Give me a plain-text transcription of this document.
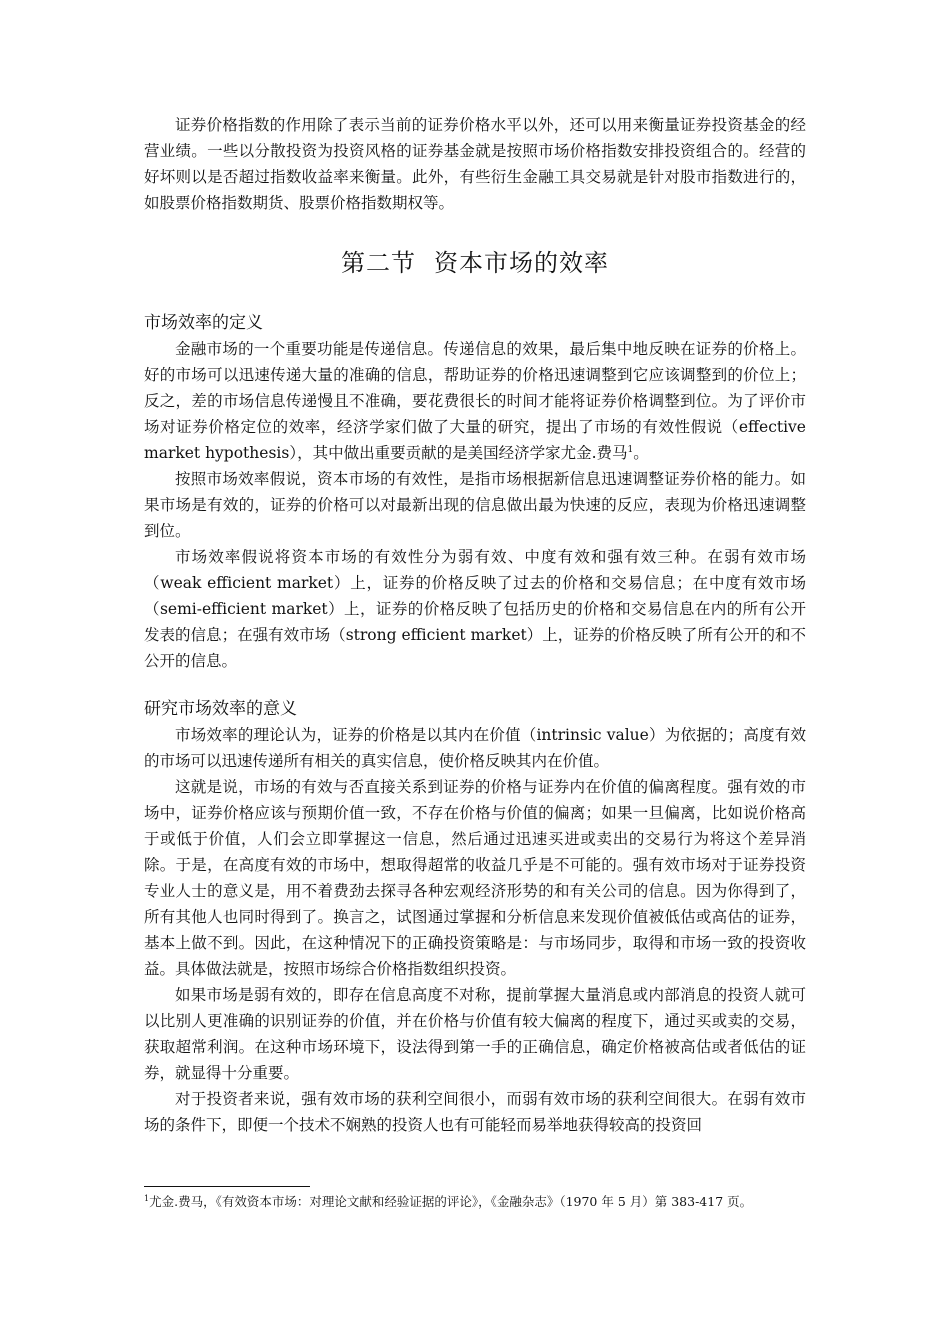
证券价格指数的作用除了表示当前的证券价格水平以外，还可以用来衡量证券投资基金的经营业绩。一些以分散投资为投资风格的证券基金就是按照市场价格指数安排投资组合的。经营的好坏则以是否超过指数收益率来衡量。此外，有些衍生金融工具交易就是针对股市指数进行的，如股票价格指数期货、股票价格指数期权等。

第二节 资本市场的效率
市场效率的定义

金融市场的一个重要功能是传递信息。传递信息的效果，最后集中地反映在证券的价格上。好的市场可以迅速传递大量的准确的信息，帮助证券的价格迅速调整到它应该调整到的价位上；反之，差的市场信息传递慢且不准确，要花费很长的时间才能将证券价格调整到位。为了评价市场对证券价格定位的效率，经济学家们做了大量的研究，提出了市场的有效性假说（effective market hypothesis），其中做出重要贡献的是美国经济学家尤金.费马$^1$。

按照市场效率假说，资本市场的有效性，是指市场根据新信息迅速调整证券价格的能力。如果市场是有效的，证券的价格可以对最新出现的信息做出最为快速的反应，表现为价格迅速调整到位。

市场效率假说将资本市场的有效性分为弱有效、中度有效和强有效三种。在弱有效市场（weak efficient market）上，证券的价格反映了过去的价格和交易信息；在中度有效市场（semi-efficient market）上，证券的价格反映了包括历史的价格和交易信息在内的所有公开发表的信息；在强有效市场（strong efficient market）上，证券的价格反映了所有公开的和不公开的信息。

研究市场效率的意义

市场效率的理论认为，证券的价格是以其内在价值（intrinsic value）为依据的；高度有效的市场可以迅速传递所有相关的真实信息，使价格反映其内在价值。

这就是说，市场的有效与否直接关系到证券的价格与证券内在价值的偏离程度。强有效的市场中，证券价格应该与预期价值一致，不存在价格与价值的偏离；如果一旦偏离，比如说价格高于或低于价值，人们会立即掌握这一信息，然后通过迅速买进或卖出的交易行为将这个差异消除。于是，在高度有效的市场中，想取得超常的收益几乎是不可能的。强有效市场对于证券投资专业人士的意义是，用不着费劲去探寻各种宏观经济形势的和有关公司的信息。因为你得到了，所有其他人也同时得到了。换言之，试图通过掌握和分析信息来发现价值被低估或高估的证券，基本上做不到。因此，在这种情况下的正确投资策略是：与市场同步，取得和市场一致的投资收益。具体做法就是，按照市场综合价格指数组织投资。

如果市场是弱有效的，即存在信息高度不对称，提前掌握大量消息或内部消息的投资人就可以比别人更准确的识别证券的价值，并在价格与价值有较大偏离的程度下，通过买或卖的交易，获取超常利润。在这种市场环境下，设法得到第一手的正确信息，确定价格被高估或者低估的证券，就显得十分重要。

对于投资者来说，强有效市场的获利空间很小，而弱有效市场的获利空间很大。在弱有效市场的条件下，即便一个技术不娴熟的投资人也有可能轻而易举地获得较高的投资回

$^1$尤金.费马，《有效资本市场：对理论文献和经验证据的评论》，《金融杂志》（1970 年 5 月）第 383-417 页。
